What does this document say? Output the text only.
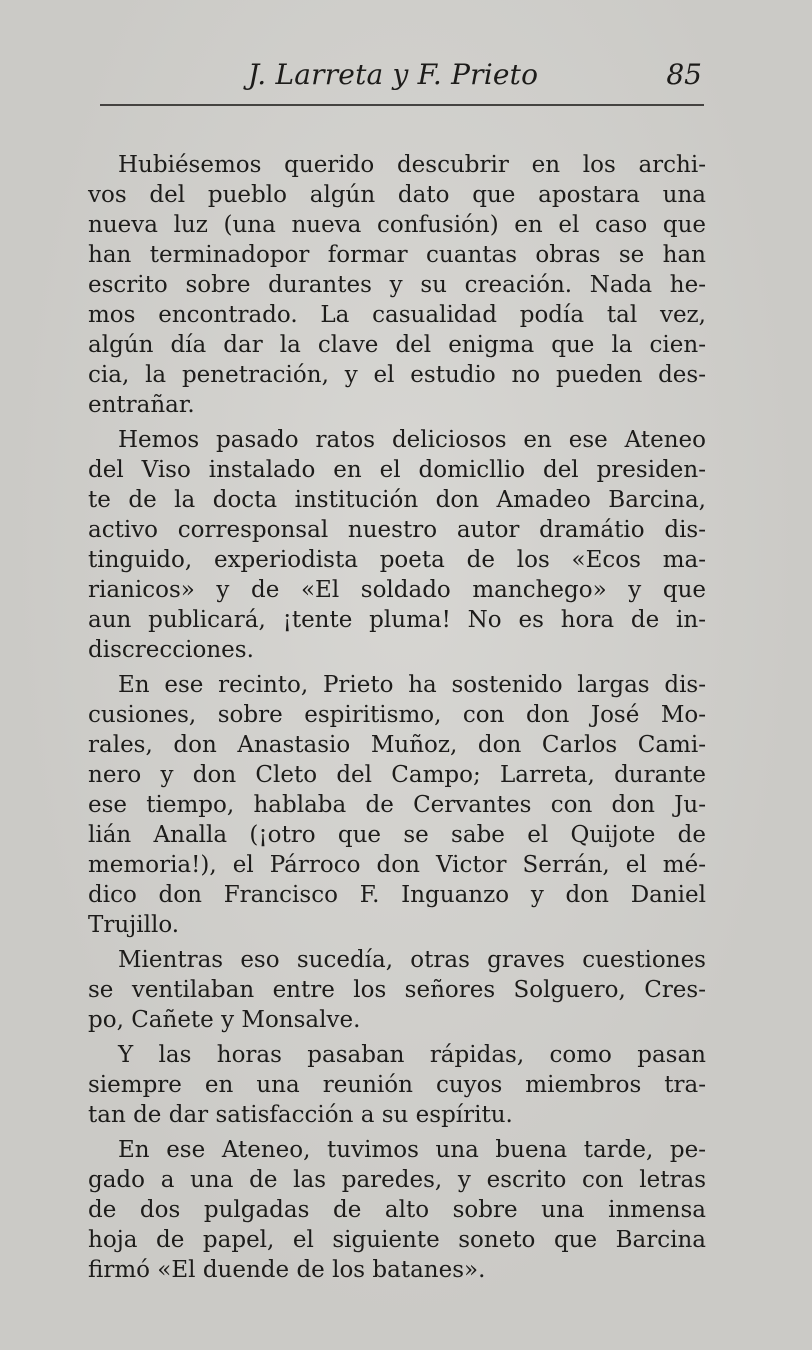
J. Larreta y F. Prieto	85
Hubiésemos querido descubrir en los archi-
vos del pueblo algún dato que apostara una
nueva luz (una nueva confusión) en el caso que
han terminadopor formar cuantas obras se han
escrito sobre durantes y su creación. Nada he-
mos encontrado. La casualidad podía tal vez,
algún día dar la clave del enigma que la cien-
cia, la penetración, y el estudio no pueden des-
entrañar.
Hemos pasado ratos deliciosos en ese Ateneo
del Viso instalado en el domicllio del presiden-
te de la docta institución don Amadeo Barcina,
activo corresponsal nuestro autor dramátio dis-
tinguido, experiodista poeta de los «Ecos ma-
rianicos» y de «El soldado manchego» y que
aun publicará, ¡tente pluma! No es hora de in-
discrecciones.
En ese recinto, Prieto ha sostenido largas dis-
cusiones, sobre espiritismo, con don José Mo-
rales, don Anastasio Muñoz, don Carlos Cami-
nero y don Cleto del Campo; Larreta, durante
ese tiempo, hablaba de Cervantes con don Ju-
lián Analla (¡otro que se sabe el Quijote de
memoria!), el Párroco don Victor Serrán, el mé-
dico don Francisco F. Inguanzo y don Daniel
Trujillo.
Mientras eso sucedía, otras graves cuestiones
se ventilaban entre los señores Solguero, Cres-
po, Cañete y Monsalve.
Y las horas pasaban rápidas, como pasan
siempre en una reunión cuyos miembros tra-
tan de dar satisfacción a su espíritu.
En ese Ateneo, tuvimos una buena tarde, pe-
gado a una de las paredes, y escrito con letras
de dos pulgadas de alto sobre una inmensa
hoja de papel, el siguiente soneto que Barcina
firmó «El duende de los batanes».
